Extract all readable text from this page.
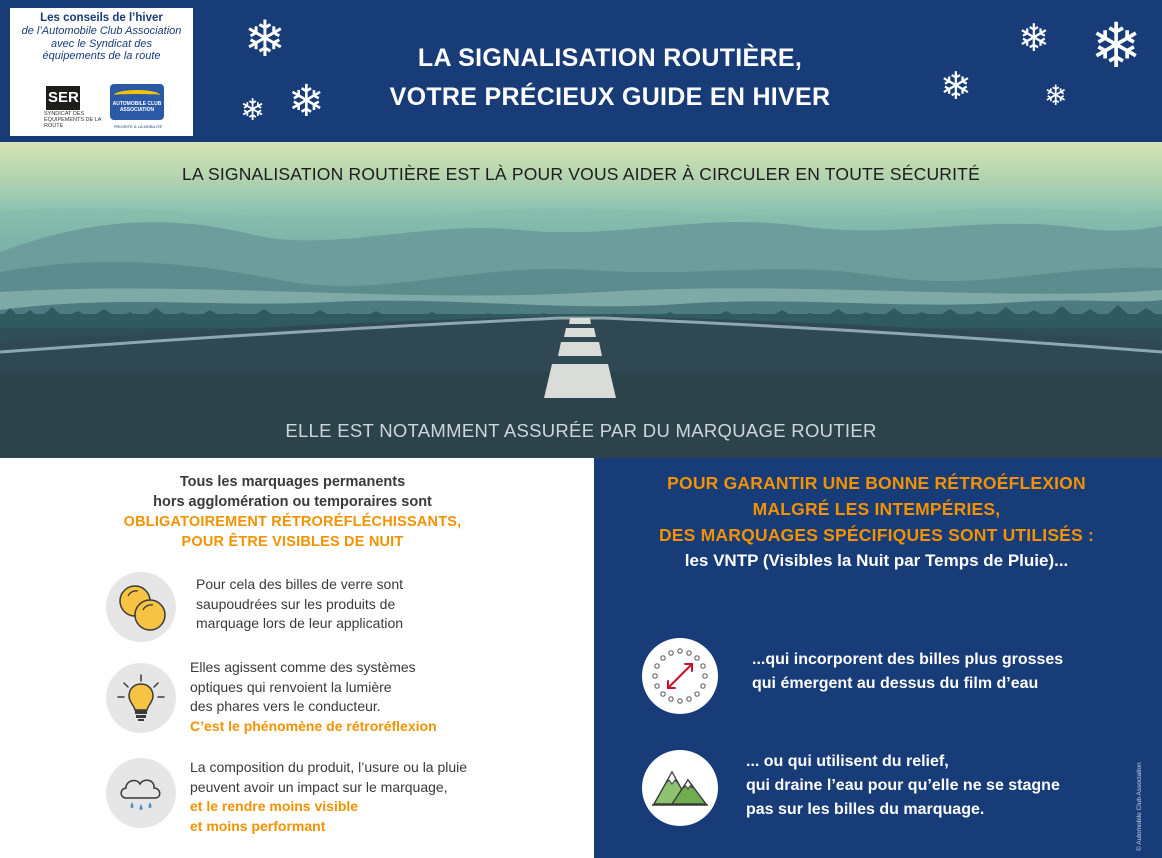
Les conseils de l’hiver
de l’Automobile Club Association
avec le Syndicat des
équipements de la route
SER
SYNDICAT DES ÉQUIPEMENTS DE LA ROUTE
AUTOMOBILE CLUB ASSOCIATION
PRIORITÉ À LA MOBILITÉ
LA SIGNALISATION ROUTIÈRE,
VOTRE PRÉCIEUX GUIDE EN HIVER
❄
❄ ❄	❄
❄
❄
❄
LA SIGNALISATION ROUTIÈRE EST LÀ POUR VOUS AIDER À CIRCULER EN TOUTE SÉCURITÉ
ELLE EST NOTAMMENT ASSURÉE PAR DU MARQUAGE ROUTIER
Tous les marquages permanents
hors agglomération ou temporaires sont
OBLIGATOIREMENT RÉTRORÉFLÉCHISSANTS,
POUR ÊTRE VISIBLES DE NUIT
Pour cela des billes de verre sont
saupoudrées sur les produits de
marquage lors de leur application
Elles agissent comme des systèmes
optiques qui renvoient la lumière
des phares vers le conducteur.
C’est le phénomène de rétroréflexion
La composition du produit, l’usure ou la pluie
peuvent avoir un impact sur le marquage,
et le rendre moins visible
et moins performant
POUR GARANTIR UNE BONNE RÉTROÉFLEXION
MALGRÉ LES INTEMPÉRIES,
DES MARQUAGES SPÉCIFIQUES SONT UTILISÉS :
les VNTP (Visibles la Nuit par Temps de Pluie)...
...qui incorporent des billes plus grosses
qui émergent au dessus du film d’eau
... ou qui utilisent du relief,
qui draine l’eau pour qu’elle ne se stagne
pas sur les billes du marquage.	© Automobile Club Association
